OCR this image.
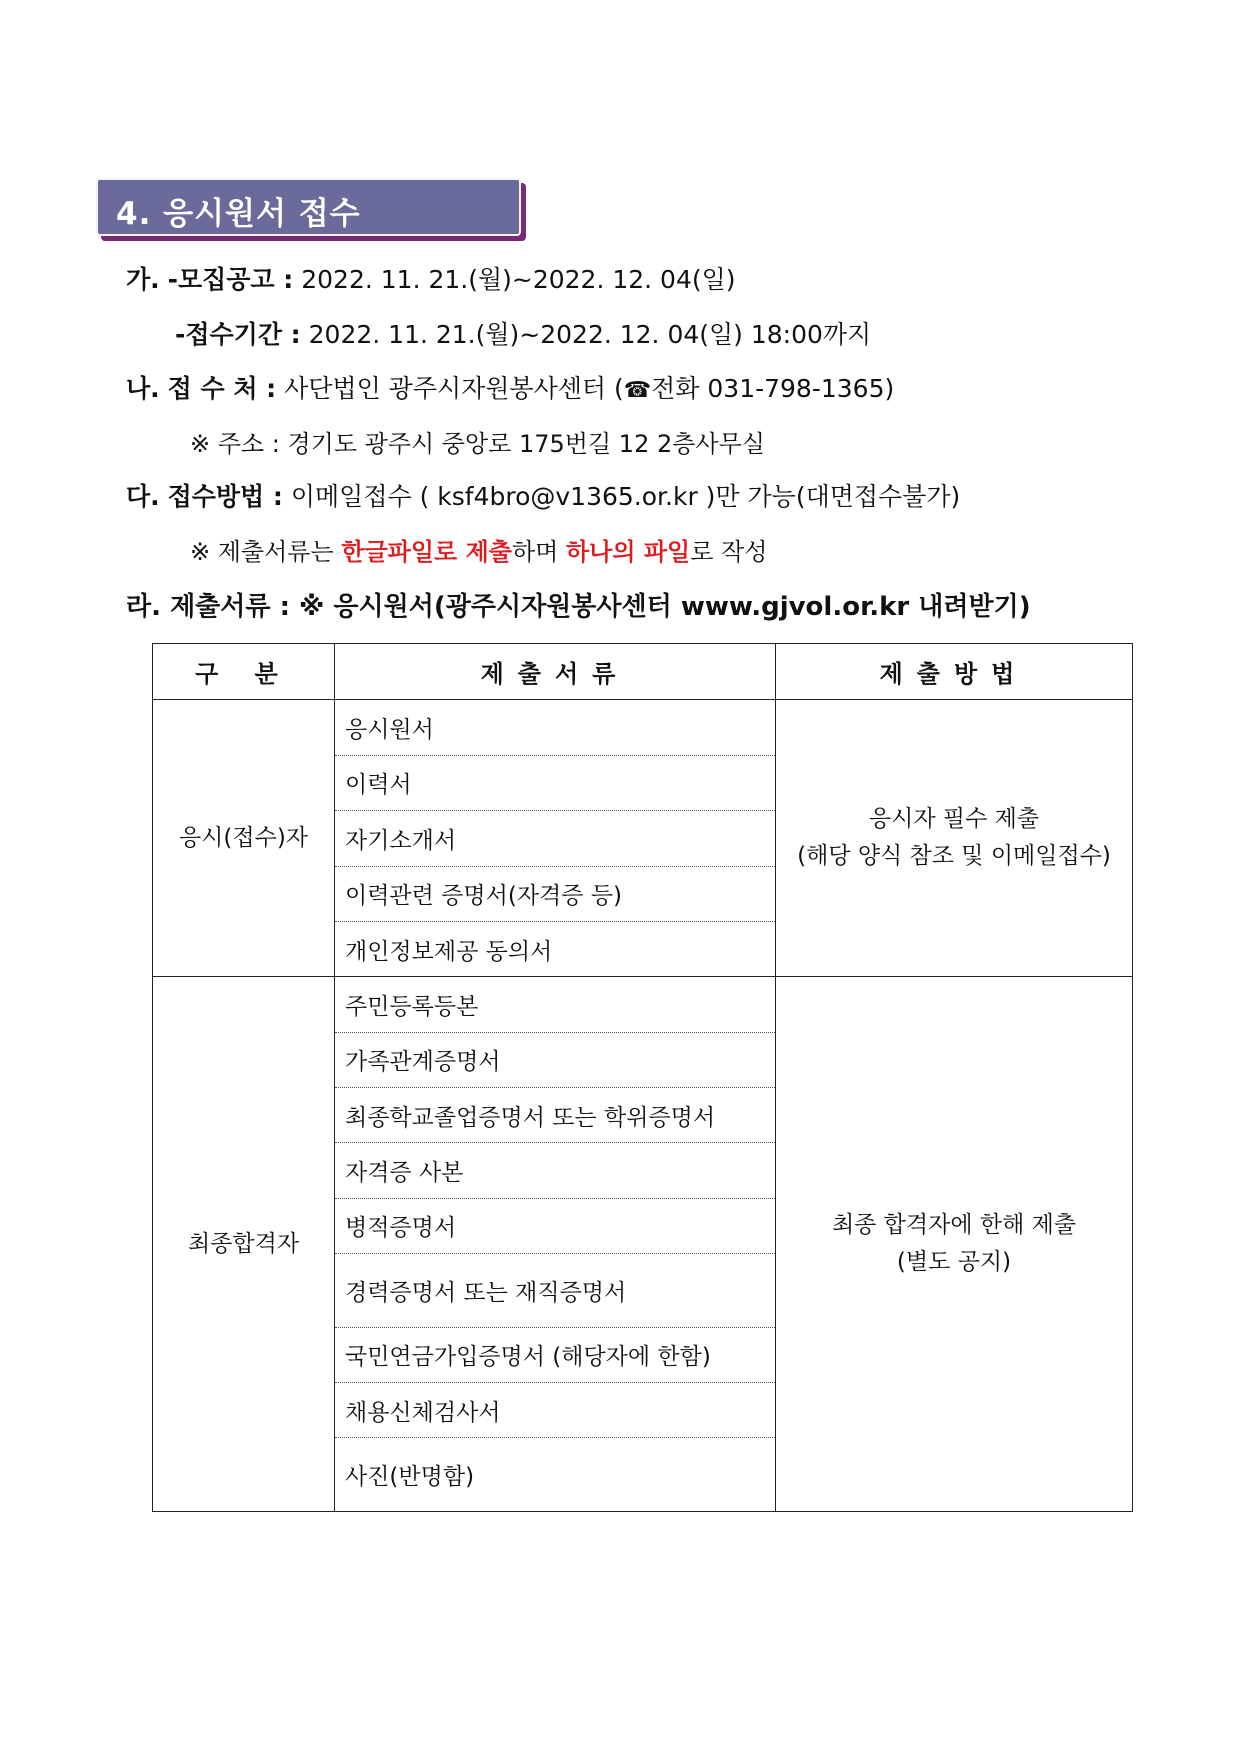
4. 응시원서 접수
가. -모집공고 : 2022. 11. 21.(월)~2022. 12. 04(일)
-접수기간 : 2022. 11. 21.(월)~2022. 12. 04(일) 18:00까지
나. 접 수 처 : 사단법인 광주시자원봉사센터 (☎전화 031-798-1365)
※ 주소 : 경기도 광주시 중앙로 175번길 12 2층사무실
다. 접수방법 : 이메일접수 ( ksf4bro@v1365.or.kr )만 가능(대면접수불가)
※ 제출서류는 한글파일로 제출하며 하나의 파일로 작성
라. 제출서류 : ※ 응시원서(광주시자원봉사센터 www.gjvol.or.kr 내려받기)
구 분	제출서류	제출방법
응시(접수)자	응시원서	응시자 필수 제출
(해당 양식 참조 및 이메일접수)

	이력서	
	자기소개서	
	이력관련 증명서(자격증 등)	
	개인정보제공 동의서	
최종합격자	주민등록등본	최종 합격자에 한해 제출
(별도 공지)

	가족관계증명서	
	최종학교졸업증명서 또는 학위증명서	
	자격증 사본	
	병적증명서	
	경력증명서 또는 재직증명서	
	국민연금가입증명서 (해당자에 한함)	
	채용신체검사서	
	사진(반명함)	
